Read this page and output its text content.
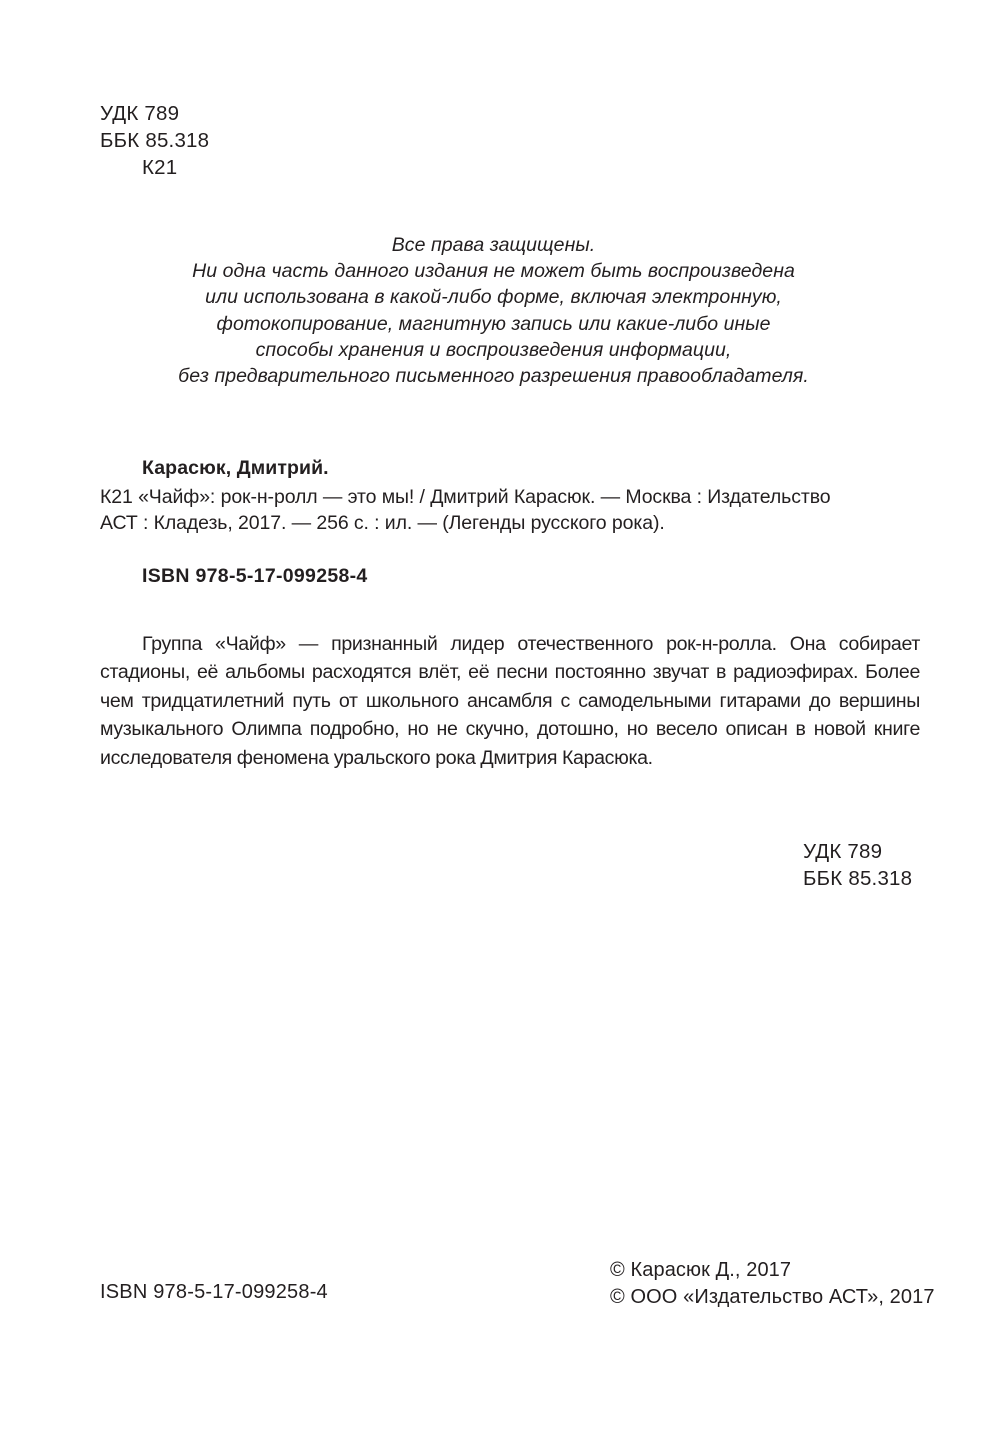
УДК 789
ББК 85.318
К21
Все права защищены.
Ни одна часть данного издания не может быть воспроизведена
или использована в какой-либо форме, включая электронную,
фотокопирование, магнитную запись или какие-либо иные
способы хранения и воспроизведения информации,
без предварительного письменного разрешения правообладателя.
Карасюк, Дмитрий.
К21 «Чайф»: рок-н-ролл — это мы! / Дмитрий Карасюк. — Москва : Издательство
АСТ : Кладезь, 2017. — 256 с. : ил. — (Легенды русского рока).
ISBN 978-5-17-099258-4

Группа «Чайф» — признанный лидер отечественного рок-н-ролла. Она собирает стадионы, её альбомы расходятся влёт, её песни постоянно звучат в радиоэфирах. Более чем тридцатилетний путь от школьного ансамбля с самодельными гитарами до вершины музыкального Олимпа подробно, но не скучно, дотошно, но весело описан в новой книге исследователя феномена уральского рока Дмитрия Карасюка.

УДК 789
ББК 85.318
ISBN 978-5-17-099258-4
© Карасюк Д., 2017
© ООО «Издательство АСТ», 2017
